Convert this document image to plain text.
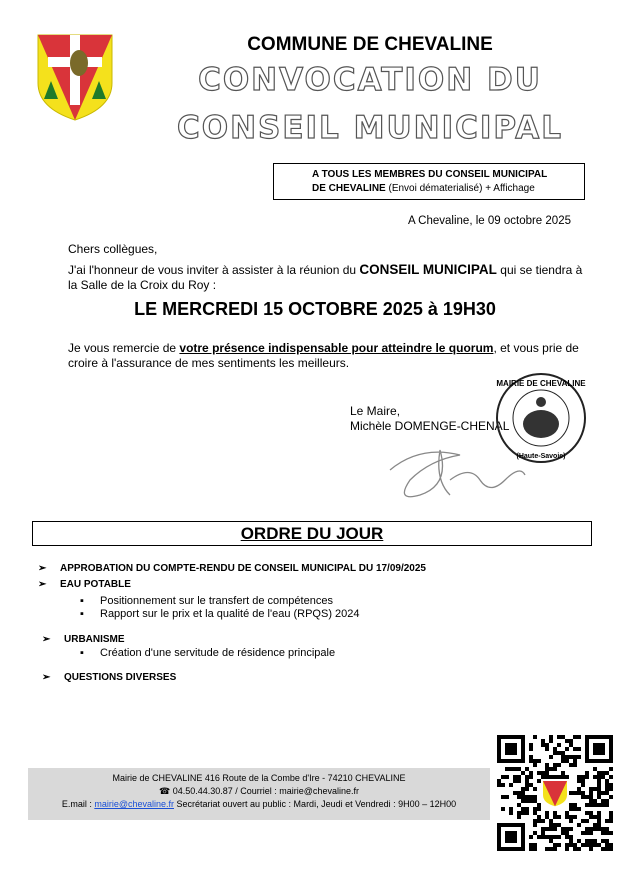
COMMUNE DE CHEVALINE
CONVOCATION DU
CONSEIL MUNICIPAL
A TOUS LES MEMBRES DU CONSEIL MUNICIPAL
DE CHEVALINE (Envoi dématerialisé) + Affichage
A Chevaline, le 09 octobre 2025
Chers collègues,
J'ai l'honneur de vous inviter à assister à la réunion du CONSEIL MUNICIPAL qui se tiendra à la Salle de la Croix du Roy :
LE MERCREDI 15 OCTOBRE 2025 à 19H30
Je vous remercie de votre présence indispensable pour atteindre le quorum, et vous prie de croire à l'assurance de mes sentiments les meilleurs.
Le Maire,
Michèle DOMENGE-CHENAL
MAIRIE DE CHEVALINE
(Haute-Savoie)
ORDRE DU JOUR
➢ APPROBATION DU COMPTE-RENDU DE CONSEIL MUNICIPAL DU 17/09/2025
➢ EAU POTABLE
▪ Positionnement sur le transfert de compétences
▪ Rapport sur le prix et la qualité de l'eau (RPQS) 2024
➢ URBANISME
▪ Création d'une servitude de résidence principale
➢ QUESTIONS DIVERSES
Mairie de CHEVALINE 416 Route de la Combe d'Ire - 74210 CHEVALINE
☎ 04.50.44.30.87 / Courriel : mairie@chevaline.fr
E.mail : mairie@chevaline.fr Secrétariat ouvert au public : Mardi, Jeudi et Vendredi : 9H00 – 12H00
